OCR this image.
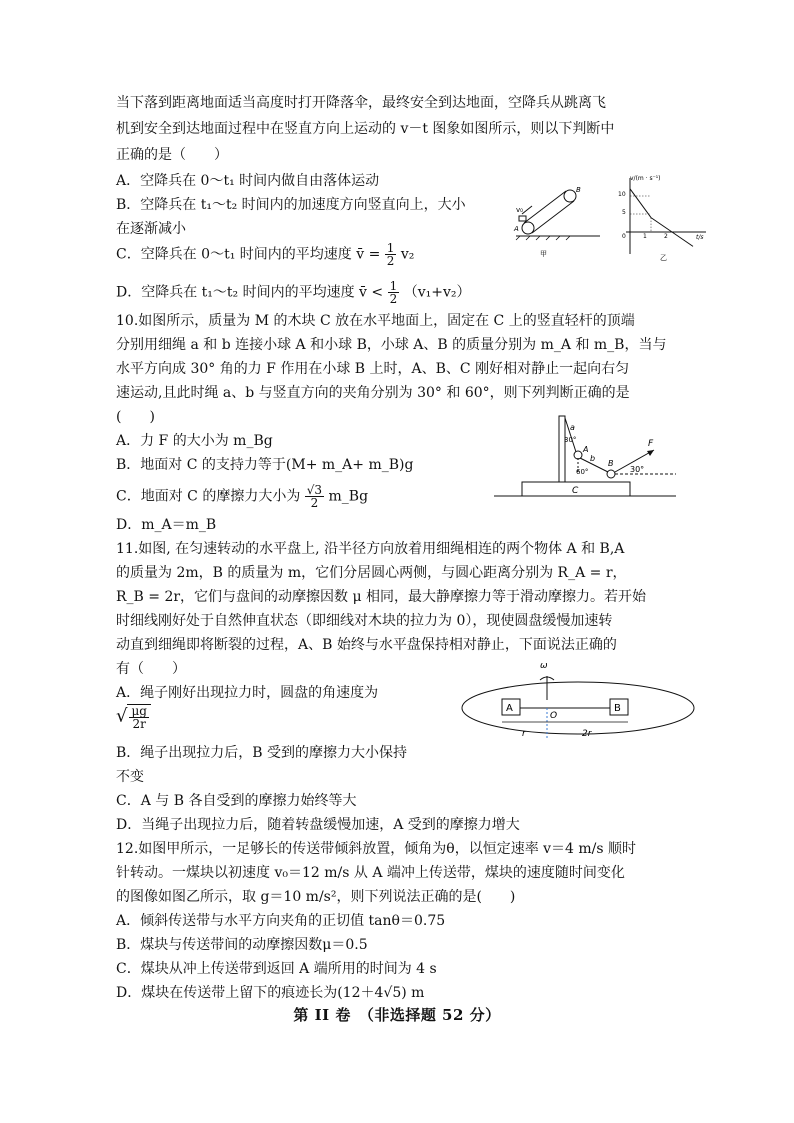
当下落到距离地面适当高度时打开降落伞，最终安全到达地面，空降兵从跳离飞
机到安全到达地面过程中在竖直方向上运动的 v－t 图象如图所示，则以下判断中
正确的是（　　）
A．空降兵在 0～t₁ 时间内做自由落体运动
B．空降兵在 t₁～t₂ 时间内的加速度方向竖直向上，大小
在逐渐减小
C．空降兵在 0～t₁ 时间内的平均速度 v̄ = $\frac{1}{2} v_2$
D．空降兵在 t₁～t₂ 时间内的平均速度 v̄ < $\frac{1}{2} (v_1+v_2)$
v₀
A
B
甲
v/(m · s⁻¹)
t/s
10
5
0	1	2
乙
10.如图所示，质量为 M 的木块 C 放在水平地面上，固定在 C 上的竖直轻杆的顶端
分别用细绳 a 和 b 连接小球 A 和小球 B，小球 A、B 的质量分别为 m_A 和 m_B，当与
水平方向成 30° 角的力 F 作用在小球 B 上时，A、B、C 刚好相对静止一起向右匀
速运动,且此时绳 a、b 与竖直方向的夹角分别为 30° 和 60°，则下列判断正确的是
(　　)
A．力 F 的大小为 m_Bg
B．地面对 C 的支持力等于(M+ m_A+ m_B)g
C．地面对 C 的摩擦力大小为 $\frac{√3}{2}$ m_Bg
D．m_A＝m_B
C
a
30°
A
b
60°
B
F
30°
11.如图, 在匀速转动的水平盘上, 沿半径方向放着用细绳相连的两个物体 A 和 B,A
的质量为 2m，B 的质量为 m，它们分居圆心两侧，与圆心距离分别为 R_A = r，
R_B = 2r，它们与盘间的动摩擦因数 μ 相同，最大静摩擦力等于滑动摩擦力。若开始
时细线刚好处于自然伸直状态（即细线对木块的拉力为 0），现使圆盘缓慢加速转
动直到细绳即将断裂的过程，A、B 始终与水平盘保持相对静止，下面说法正确的
有（　　）
A．绳子刚好出现拉力时，圆盘的角速度为
√ $\frac{\mu g}{2r}$
B．绳子出现拉力后，B 受到的摩擦力大小保持
不变
C．A 与 B 各自受到的摩擦力始终等大
D．当绳子出现拉力后，随着转盘缓慢加速，A 受到的摩擦力增大
ω
A	B
O
r	2r
12.如图甲所示，一足够长的传送带倾斜放置，倾角为θ，以恒定速率 v＝4 m/s 顺时
针转动。一煤块以初速度 v₀＝12 m/s 从 A 端冲上传送带，煤块的速度随时间变化
的图像如图乙所示，取 g＝10 m/s²，则下列说法正确的是(　　)
A．倾斜传送带与水平方向夹角的正切值 tanθ＝0.75
B．煤块与传送带间的动摩擦因数μ＝0.5
C．煤块从冲上传送带到返回 A 端所用的时间为 4 s
D．煤块在传送带上留下的痕迹长为(12＋4√5) m
第 II 卷　（非选择题 52 分）
